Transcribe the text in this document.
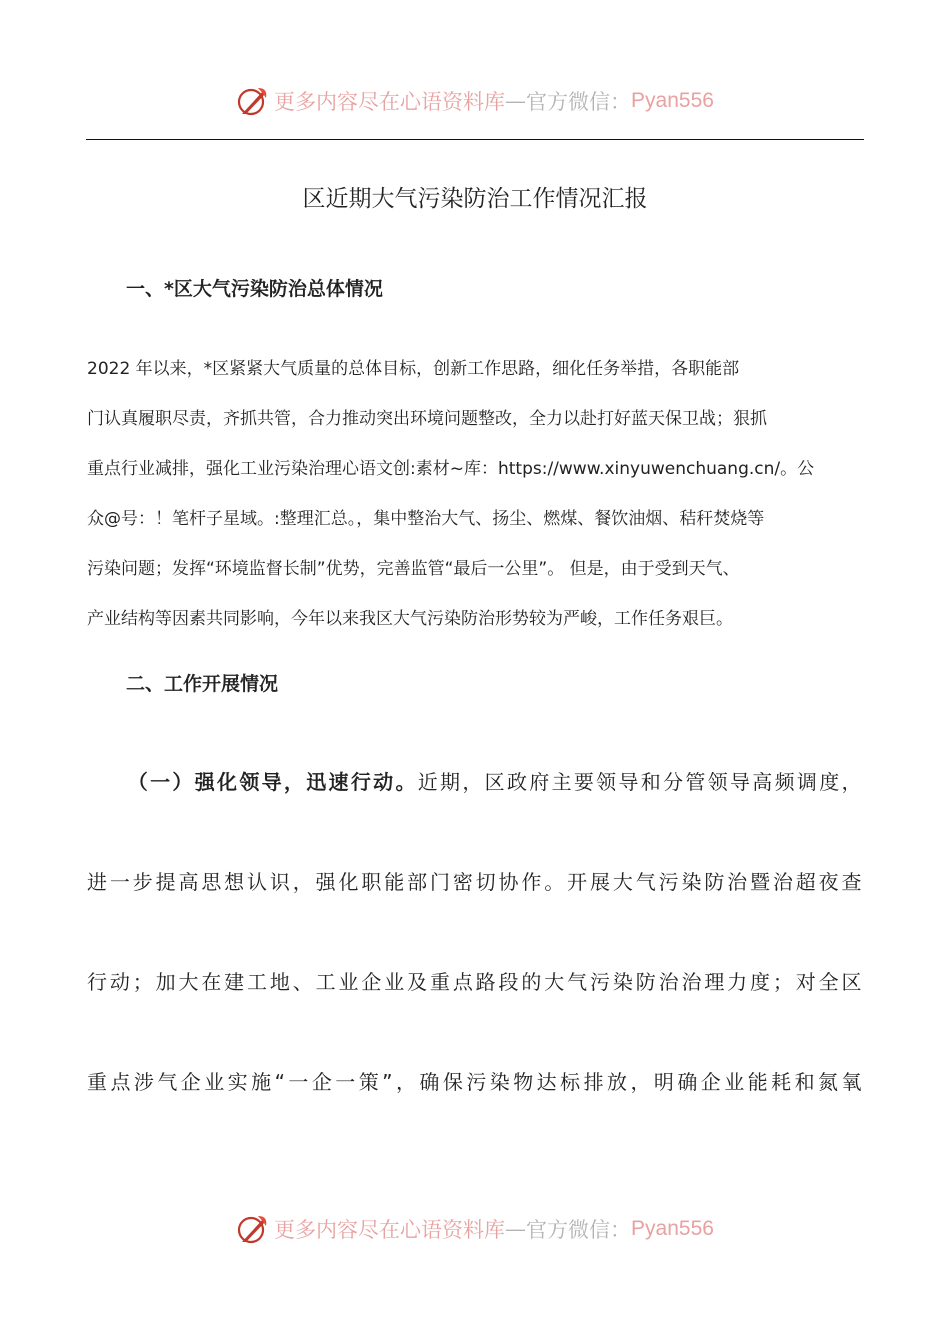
更多内容尽在心语资料库 — 官方微信： Pyan556
区近期大气污染防治工作情况汇报
一、*区大气污染防治总体情况
2022 年以来，*区紧紧大气质量的总体目标，创新工作思路，细化任务举措，各职能部
门认真履职尽责，齐抓共管，合力推动突出环境问题整改，全力以赴打好蓝天保卫战；狠抓
重点行业减排，强化工业污染治理心语文创:素材~库：https://www.xinyuwenchuang.cn/。公
众@号：！笔杆子星域。:整理汇总。，集中整治大气、扬尘、燃煤、餐饮油烟、秸秆焚烧等
污染问题；发挥“环境监督长制”优势，完善监管“最后一公里”。 但是，由于受到天气、
产业结构等因素共同影响，今年以来我区大气污染防治形势较为严峻，工作任务艰巨。
二、工作开展情况
（一）强化领导，迅速行动。近期，区政府主要领导和分管领导高频调度，
进一步提高思想认识，强化职能部门密切协作。开展大气污染防治暨治超夜查
行动；加大在建工地、工业企业及重点路段的大气污染防治治理力度；对全区
重点涉气企业实施“一企一策”，确保污染物达标排放，明确企业能耗和氮氧
更多内容尽在心语资料库 — 官方微信： Pyan556
